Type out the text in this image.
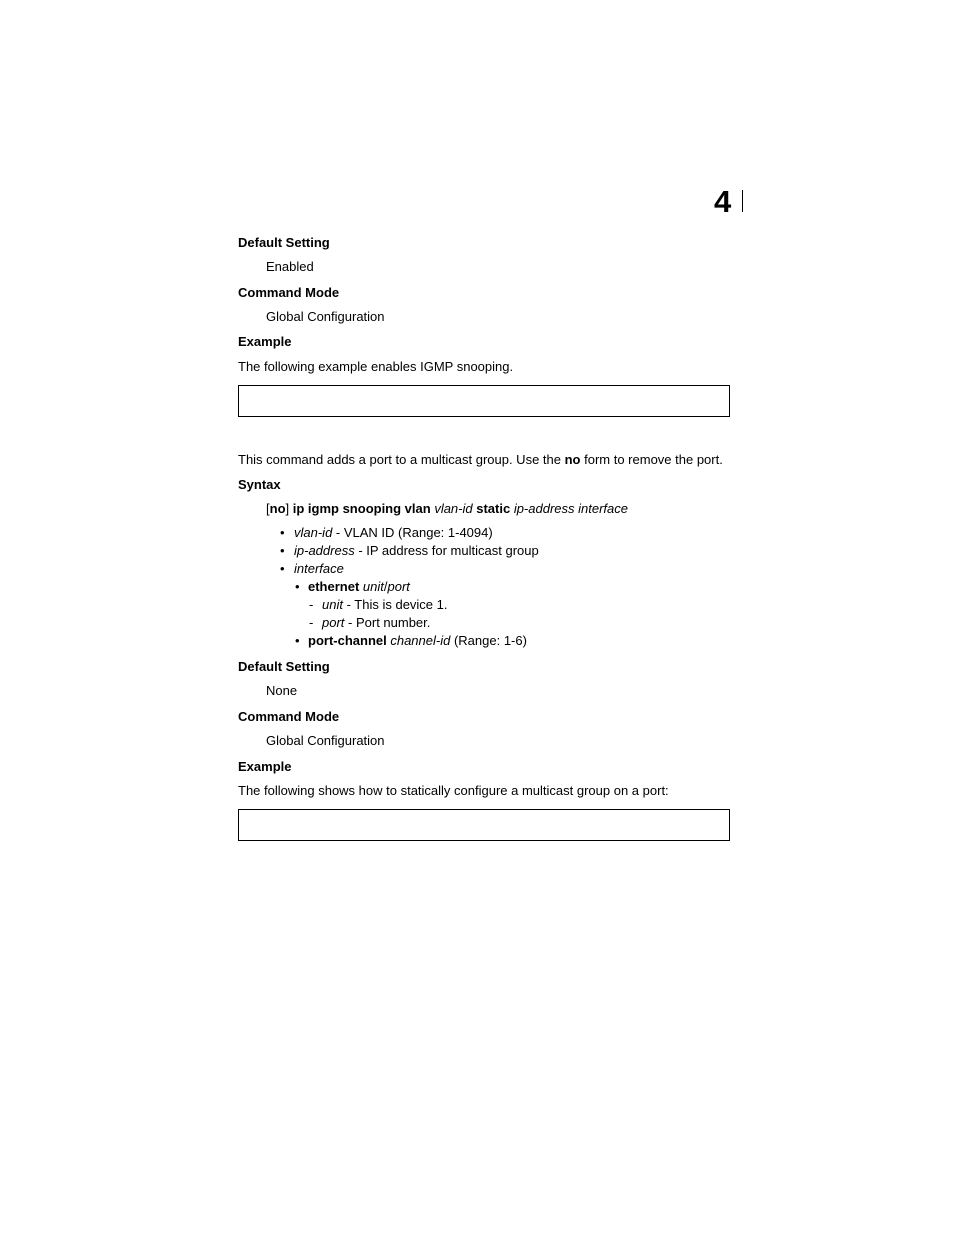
4
Default Setting
Enabled
Command Mode
Global Configuration
Example
The following example enables IGMP snooping.
This command adds a port to a multicast group. Use the no form to remove the port.
Syntax
[no] ip igmp snooping vlan vlan-id static ip-address interface
• vlan-id - VLAN ID (Range: 1-4094)
• ip-address - IP address for multicast group
• interface
• ethernet unit/port
- unit - This is device 1.
- port - Port number.
• port-channel channel-id (Range: 1-6)
Default Setting
None
Command Mode
Global Configuration
Example
The following shows how to statically configure a multicast group on a port:
